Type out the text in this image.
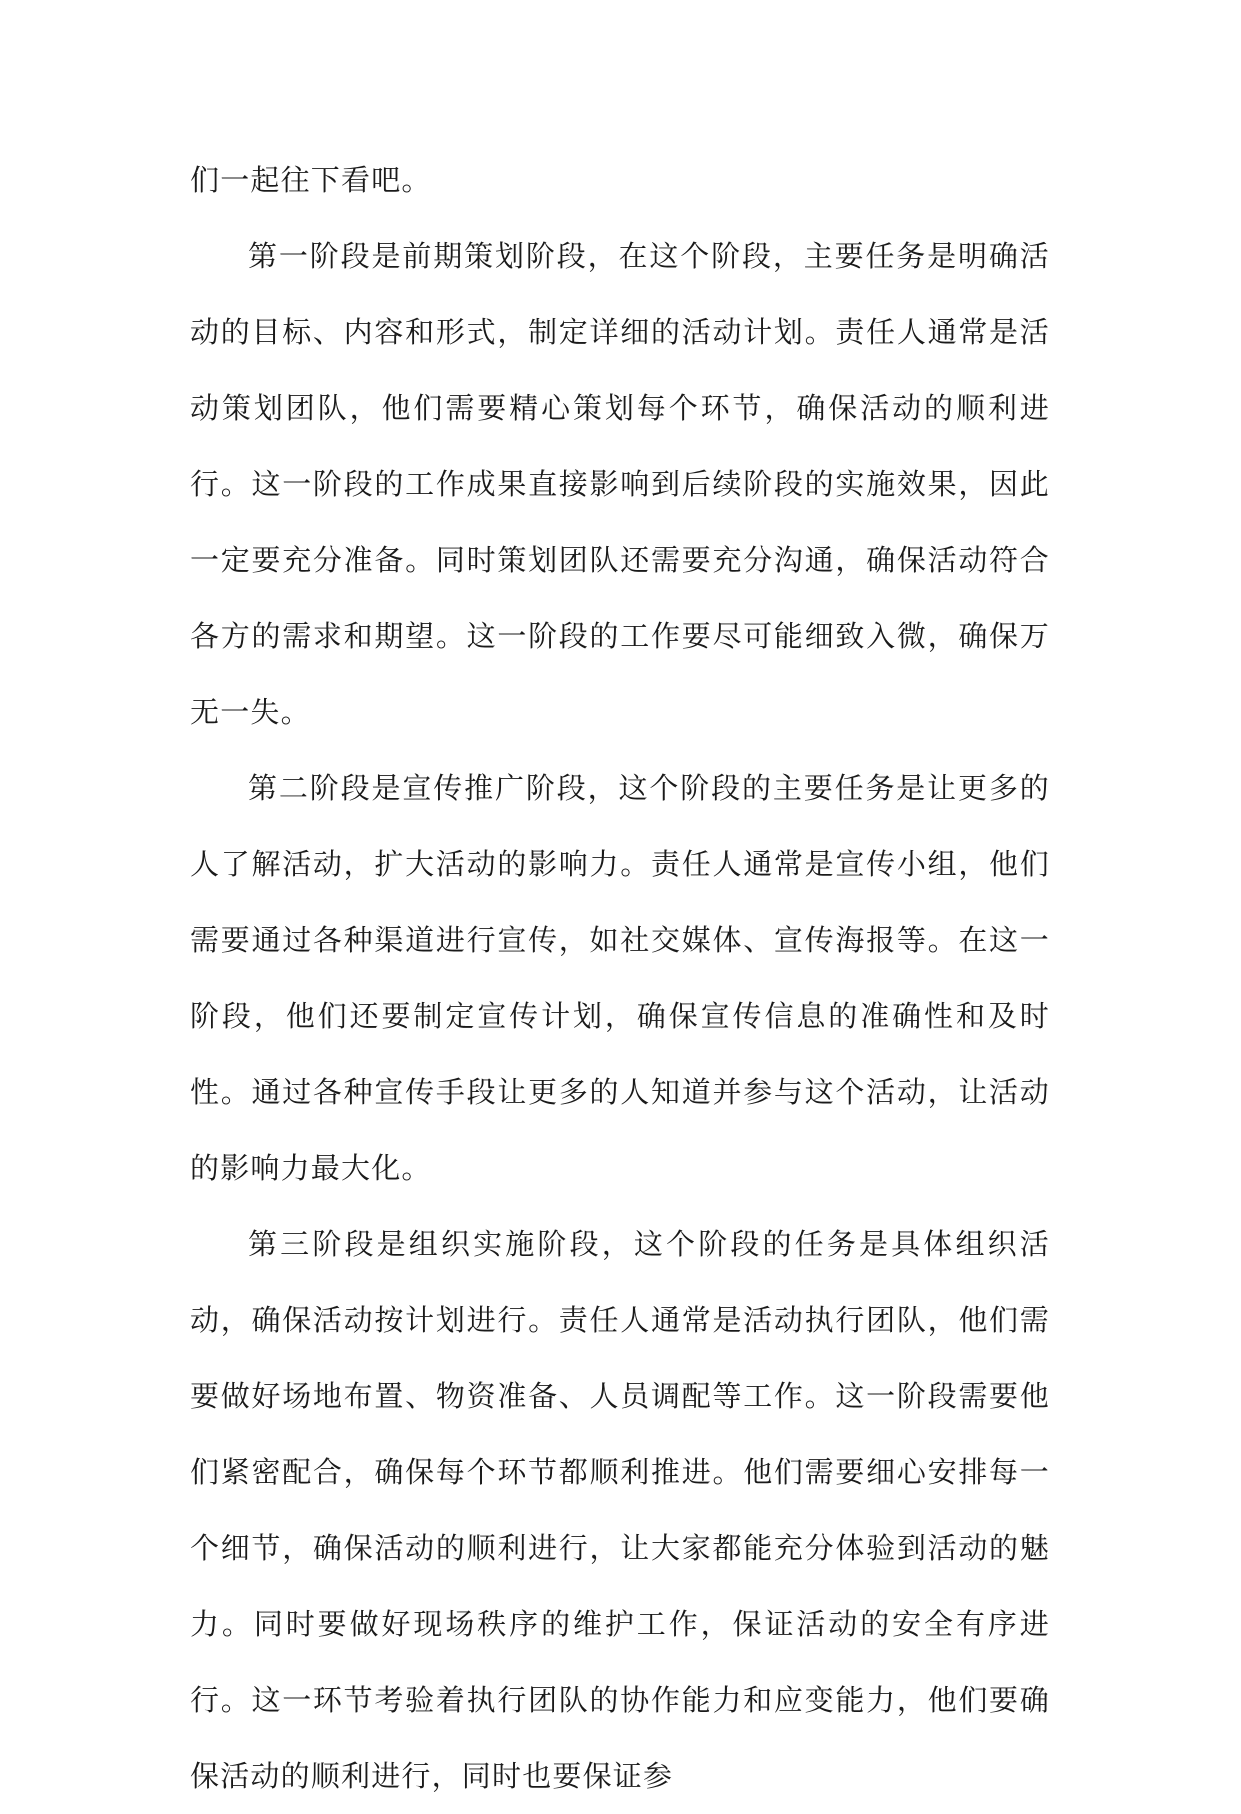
们一起往下看吧。

第一阶段是前期策划阶段，在这个阶段，主要任务是明确活动的目标、内容和形式，制定详细的活动计划。责任人通常是活动策划团队，他们需要精心策划每个环节，确保活动的顺利进行。这一阶段的工作成果直接影响到后续阶段的实施效果，因此一定要充分准备。同时策划团队还需要充分沟通，确保活动符合各方的需求和期望。这一阶段的工作要尽可能细致入微，确保万无一失。

第二阶段是宣传推广阶段，这个阶段的主要任务是让更多的人了解活动，扩大活动的影响力。责任人通常是宣传小组，他们需要通过各种渠道进行宣传，如社交媒体、宣传海报等。在这一阶段，他们还要制定宣传计划，确保宣传信息的准确性和及时性。通过各种宣传手段让更多的人知道并参与这个活动，让活动的影响力最大化。

第三阶段是组织实施阶段，这个阶段的任务是具体组织活动，确保活动按计划进行。责任人通常是活动执行团队，他们需要做好场地布置、物资准备、人员调配等工作。这一阶段需要他们紧密配合，确保每个环节都顺利推进。他们需要细心安排每一个细节，确保活动的顺利进行，让大家都能充分体验到活动的魅力。同时要做好现场秩序的维护工作，保证活动的安全有序进行。这一环节考验着执行团队的协作能力和应变能力，他们要确保活动的顺利进行，同时也要保证参
